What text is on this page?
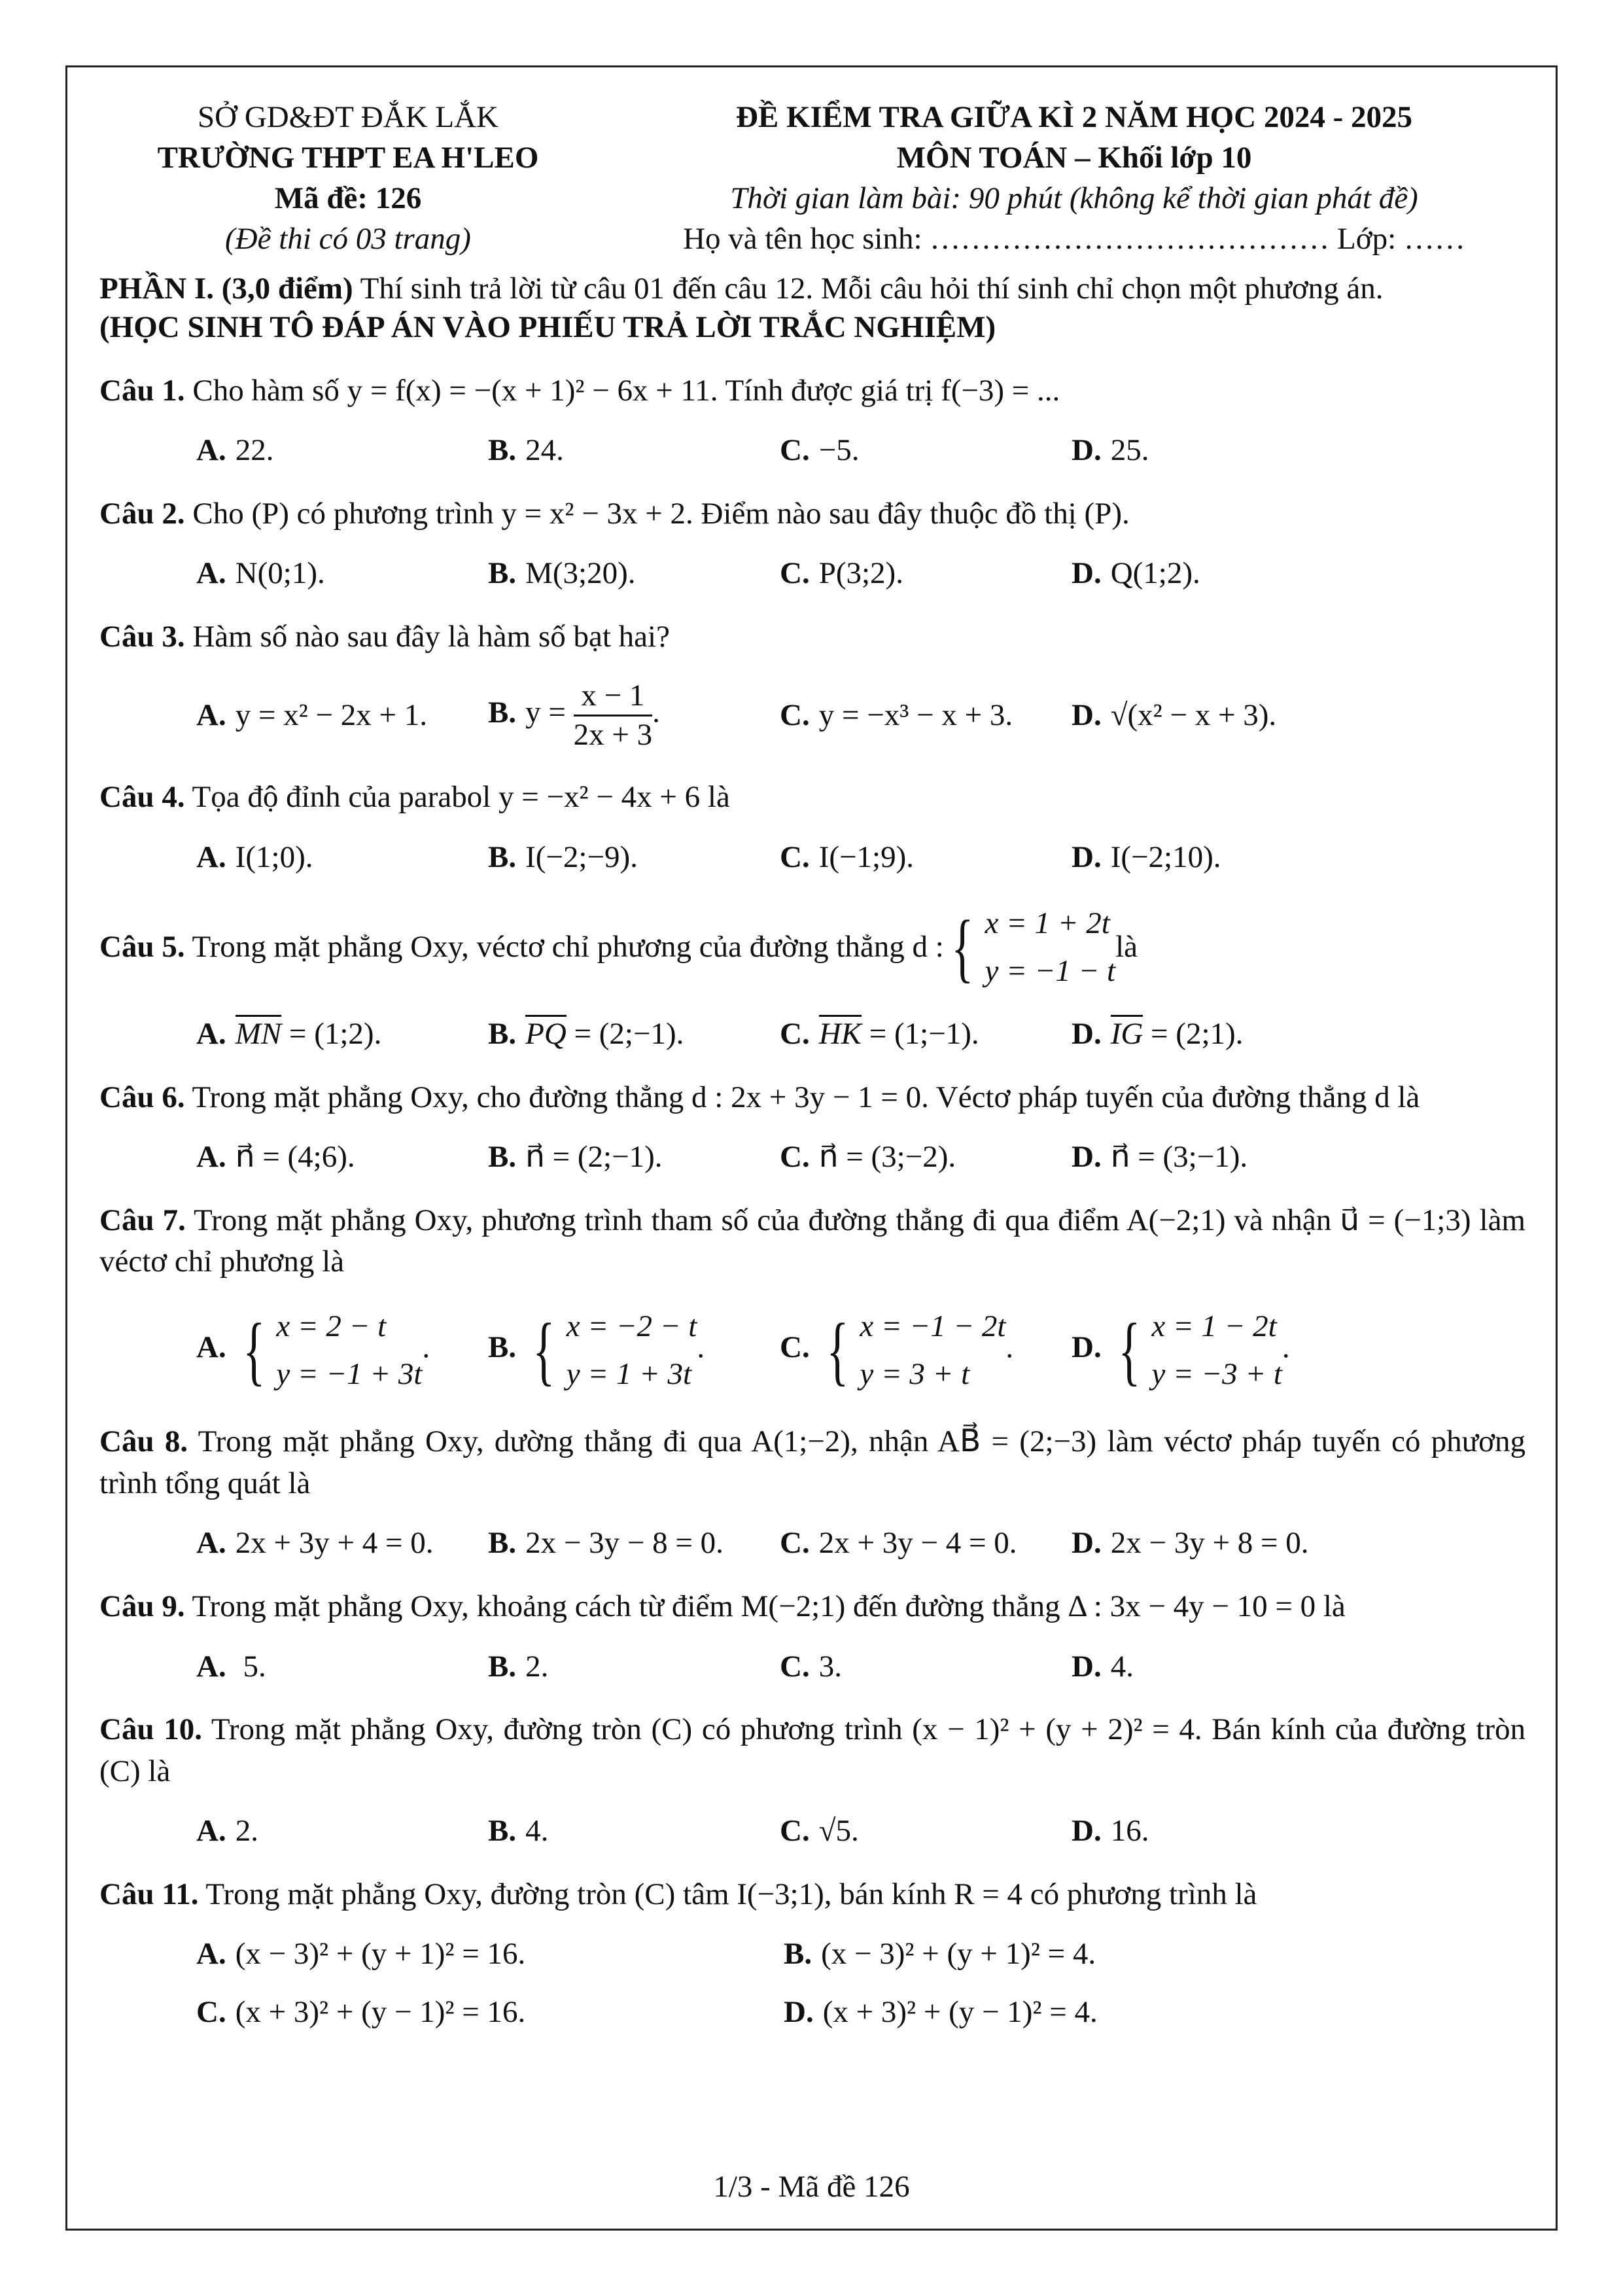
SỞ GD&ĐT ĐẮK LẮK
TRƯỜNG THPT EA H'LEO
Mã đề: 126
(Đề thi có 03 trang)
ĐỀ KIỂM TRA GIỮA KÌ 2 NĂM HỌC 2024 - 2025
MÔN TOÁN – Khối lớp 10
Thời gian làm bài: 90 phút (không kể thời gian phát đề)
Họ và tên học sinh: ………………………………… Lớp: ……
PHẦN I. (3,0 điểm) Thí sinh trả lời từ câu 01 đến câu 12. Mỗi câu hỏi thí sinh chỉ chọn một phương án.
(HỌC SINH TÔ ĐÁP ÁN VÀO PHIẾU TRẢ LỜI TRẮC NGHIỆM)
Câu 1. Cho hàm số y = f(x) = −(x + 1)² − 6x + 11. Tính được giá trị f(−3) = ...
A. 22.	B. 24.	C. −5.	D. 25.
Câu 2. Cho (P) có phương trình y = x² − 3x + 2. Điểm nào sau đây thuộc đồ thị (P).
A. N(0;1).	B. M(3;20).	C. P(3;2).	D. Q(1;2).
Câu 3. Hàm số nào sau đây là hàm số bạt hai?
A. y = x² − 2x + 1.	B. $y = \frac{x - 1}{2x + 3}$ .	C. y = −x³ − x + 3.	D. √(x² − x + 3).
Câu 4. Tọa độ đỉnh của parabol y = −x² − 4x + 6 là
A. I(1;0).	B. I(−2;−9).	C. I(−1;9).	D. I(−2;10).
Câu 5. Trong mặt phẳng Oxy, véctơ chỉ phương của đường thẳng d : { x = 1 + 2t
y = −1 − t
là
A. MN = (1;2).	B. PQ = (2;−1).	C. HK = (1;−1).	D. IG = (2;1).
Câu 6. Trong mặt phẳng Oxy, cho đường thẳng d : 2x + 3y − 1 = 0. Véctơ pháp tuyến của đường thẳng d là
A. n⃗ = (4;6).	B. n⃗ = (2;−1).	C. n⃗ = (3;−2).	D. n⃗ = (3;−1).
Câu 7. Trong mặt phẳng Oxy, phương trình tham số của đường thẳng đi qua điểm A(−2;1) và nhận u⃗ = (−1;3) làm véctơ chỉ phương là
A. { x = 2 − t
y = −1 + 3t
.	B. { x = −2 − t
y = 1 + 3t
.	C. { x = −1 − 2t
y = 3 + t
.	D. { x = 1 − 2t
y = −3 + t
.
Câu 8. Trong mặt phẳng Oxy, dường thẳng đi qua A(1;−2), nhận AB⃗ = (2;−3) làm véctơ pháp tuyến có phương trình tổng quát là
A. 2x + 3y + 4 = 0.	B. 2x − 3y − 8 = 0.	C. 2x + 3y − 4 = 0.	D. 2x − 3y + 8 = 0.
Câu 9. Trong mặt phẳng Oxy, khoảng cách từ điểm M(−2;1) đến đường thẳng Δ : 3x − 4y − 10 = 0 là
A. 5.	B. 2.	C. 3.	D. 4.
Câu 10. Trong mặt phẳng Oxy, đường tròn (C) có phương trình (x − 1)² + (y + 2)² = 4. Bán kính của đường tròn (C) là
A. 2.	B. 4.	C. √5.	D. 16.
Câu 11. Trong mặt phẳng Oxy, đường tròn (C) tâm I(−3;1), bán kính R = 4 có phương trình là
A. (x − 3)² + (y + 1)² = 16.	B. (x − 3)² + (y + 1)² = 4.
C. (x + 3)² + (y − 1)² = 16.	D. (x + 3)² + (y − 1)² = 4.
1/3 - Mã đề 126
